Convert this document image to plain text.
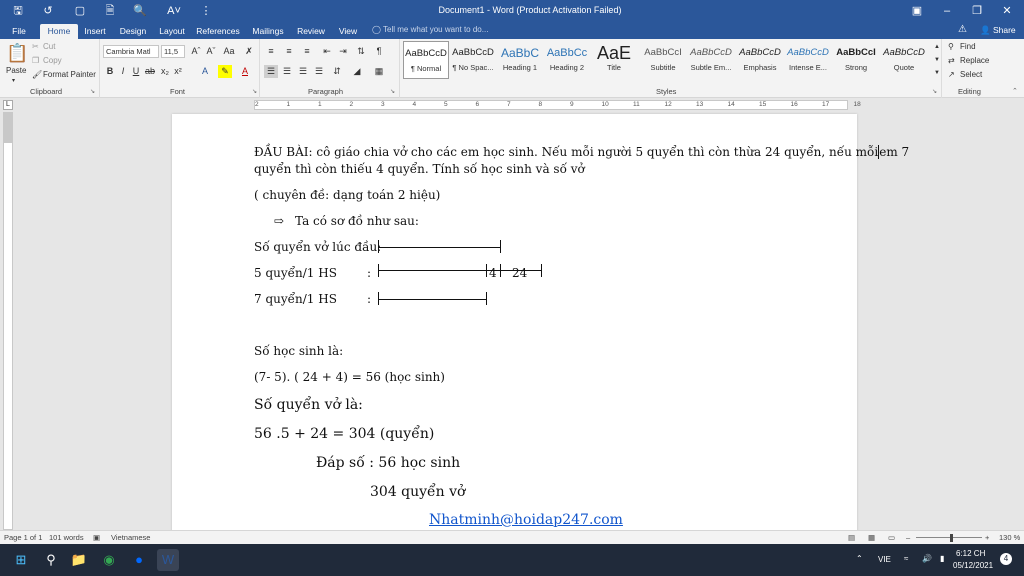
🖫	↺	▢	🗎	🔍 A˅ ⋮	Document1 - Word (Product Activation Failed)	▣	–	❐	✕
File	Home	Insert	Design	Layout	References	Mailings	Review	View	◯ Tell me what you want to do...	⚠ 👤 Share
📋
Paste
▾
✂ Cut
❐ Copy
🖌 Format Painter
Clipboard	↘
Cambria Matl	11,5	Aˆ Aˇ Aa	✗
B I U ab x₂ x²	A	✎	A
Font	↘
≡	≡	≡	⇤ ⇥	⇅	¶
☰ ☰ ☰ ☰	⇵	◢	▦
Paragraph	↘
AaBbCcD
¶ Normal
AaBbCcD
¶ No Spac...
AaBbC
Heading 1
AaBbCc
Heading 2
AaE
Title
AaBbCcI
Subtitle
AaBbCcD
Subtle Em...
AaBbCcD
Emphasis
AaBbCcD
Intense E...
AaBbCcI
Strong
AaBbCcD
Quote
▲
▼
▼
Styles	↘
⚲ Find
⇄ Replace
↗ Select
Editing	⌃
L	2	1	1	2	3	4	5	6	7	8	9	10	11	12	13	14	15	16	17	18
ĐẦU BÀI: cô giáo chia vở cho các em học sinh. Nếu mỗi người 5 quyển thì còn thừa 24 quyển, nếu mỗiem 7
quyển thì còn thiếu 4 quyển. Tính số học sinh và số vở
( chuyên đề: dạng toán 2 hiệu)
⇨ Ta có sơ đồ như sau:
Số quyển vở lúc đầu:
5 quyển/1 HS	:	4 24
7 quyển/1 HS	:
Số học sinh là:
(7- 5). ( 24 + 4) = 56 (học sinh)
Số quyển vở là:
56 .5 + 24 = 304 (quyển)
Đáp số : 56 học sinh
304 quyển vở
Nhatminh@hoidap247.com
Page 1 of 1 101 words ▣ Vietnamese	▤ ▦ ▭ –	+ 130 %
⊞	⚲	📁	◉	●	W	⌃ VIE ≈ 🔊 ▮
6:12 CH
05/12/2021
4
